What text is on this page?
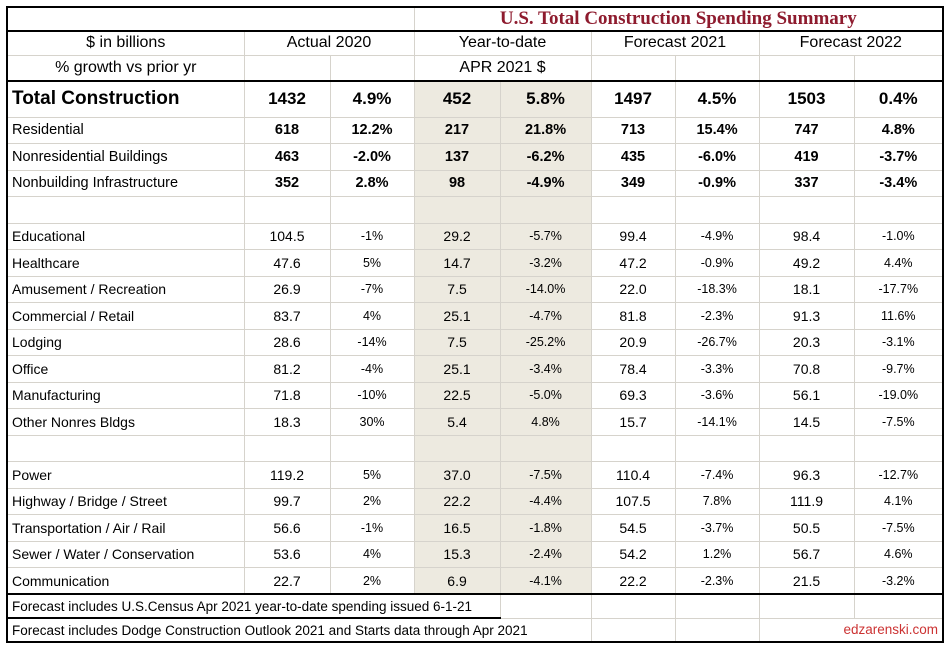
			U.S. Total Construction Spending Summary					
$ in billions	Actual 2020		Year-to-date		Forecast 2021		Forecast 2022	
% growth vs prior yr			APR 2021 $					
Total Construction	1432	4.9%	452	5.8%	1497	4.5%	1503	0.4%
Residential	618	12.2%	217	21.8%	713	15.4%	747	4.8%
Nonresidential Buildings	463	-2.0%	137	-6.2%	435	-6.0%	419	-3.7%
Nonbuilding Infrastructure	352	2.8%	98	-4.9%	349	-0.9%	337	-3.4%

Educational	104.5	-1%	29.2	-5.7%	99.4	-4.9%	98.4	-1.0%
Healthcare	47.6	5%	14.7	-3.2%	47.2	-0.9%	49.2	4.4%
Amusement / Recreation	26.9	-7%	7.5	-14.0%	22.0	-18.3%	18.1	-17.7%
Commercial / Retail	83.7	4%	25.1	-4.7%	81.8	-2.3%	91.3	11.6%
Lodging	28.6	-14%	7.5	-25.2%	20.9	-26.7%	20.3	-3.1%
Office	81.2	-4%	25.1	-3.4%	78.4	-3.3%	70.8	-9.7%
Manufacturing	71.8	-10%	22.5	-5.0%	69.3	-3.6%	56.1	-19.0%
Other Nonres Bldgs	18.3	30%	5.4	4.8%	15.7	-14.1%	14.5	-7.5%

Power	119.2	5%	37.0	-7.5%	110.4	-7.4%	96.3	-12.7%
Highway / Bridge / Street	99.7	2%	22.2	-4.4%	107.5	7.8%	111.9	4.1%
Transportation / Air / Rail	56.6	-1%	16.5	-1.8%	54.5	-3.7%	50.5	-7.5%
Sewer / Water / Conservation	53.6	4%	15.3	-2.4%	54.2	1.2%	56.7	4.6%
Communication	22.7	2%	6.9	-4.1%	22.2	-2.3%	21.5	-3.2%
Forecast includes U.S.Census Apr 2021 year-to-date spending issued 6-1-21								
Forecast includes Dodge Construction Outlook 2021 and Starts data through Apr 2021							edzarenski.com	
